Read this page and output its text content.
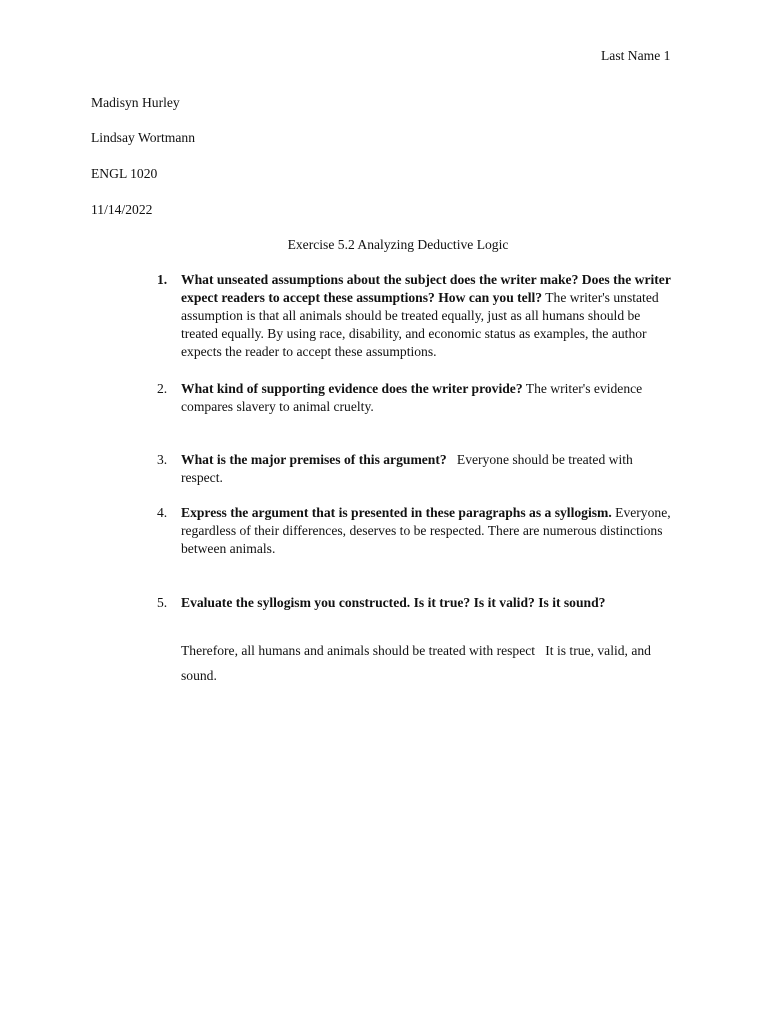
Last Name 1
Madisyn Hurley
Lindsay Wortmann
ENGL 1020
11/14/2022
Exercise 5.2 Analyzing Deductive Logic
1.	What unseated assumptions about the subject does the writer make? Does the writer expect readers to accept these assumptions? How can you tell? The writer's unstated assumption is that all animals should be treated equally, just as all humans should be treated equally. By using race, disability, and economic status as examples, the author expects the reader to accept these assumptions.
2.	What kind of supporting evidence does the writer provide? The writer's evidence compares slavery to animal cruelty.
3.	What is the major premises of this argument?   Everyone should be treated with respect.
4.	Express the argument that is presented in these paragraphs as a syllogism. Everyone, regardless of their differences, deserves to be respected. There are numerous distinctions between animals.
5.	Evaluate the syllogism you constructed. Is it true? Is it valid? Is it sound?
Therefore, all humans and animals should be treated with respect   It is true, valid, and sound.
